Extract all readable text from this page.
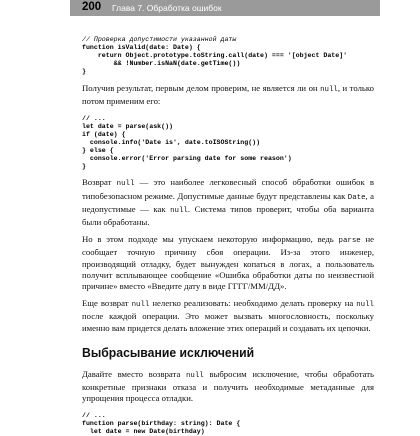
200 Глава 7. Обработка ошибок
// Проверка допустимости указанной даты
function isValid(date: Date) {
return Object.prototype.toString.call(date) === '[object Date]'
&& !Number.isNaN(date.getTime())
}

Получив результат, первым делом проверим, не является ли он null, и только потом применим его:

// ...
let date = parse(ask())
if (date) {
console.info('Date is', date.toISOString())
} else {
console.error('Error parsing date for some reason')
}

Возврат null — это наиболее легковесный способ обработки ошибок в типобезопасном режиме. Допустимые данные будут представлены как Date, а недопустимые — как null. Система типов проверит, чтобы оба варианта были обработаны.

Но в этом подходе мы упускаем некоторую информацию, ведь parse не сообщает точную причину сбоя операции. Из-за этого инженер, производящий отладку, будет вынужден копаться в логах, а пользователь получит всплывающее сообщение «Ошибка обработки даты по неизвестной причине» вместо «Введите дату в виде ГГГГ/ММ/ДД».

Еще возврат null нелегко реализовать: необходимо делать проверку на null после каждой операции. Это может вызвать многословность, поскольку именно вам придется делать вложение этих операций и создавать их цепочки.

Выбрасывание исключений

Давайте вместо возврата null выбросим исключение, чтобы обработать конкретные признаки отказа и получить необходимые метаданные для упрощения процесса отладки.

// ...
function parse(birthday: string): Date {
let date = new Date(birthday)
